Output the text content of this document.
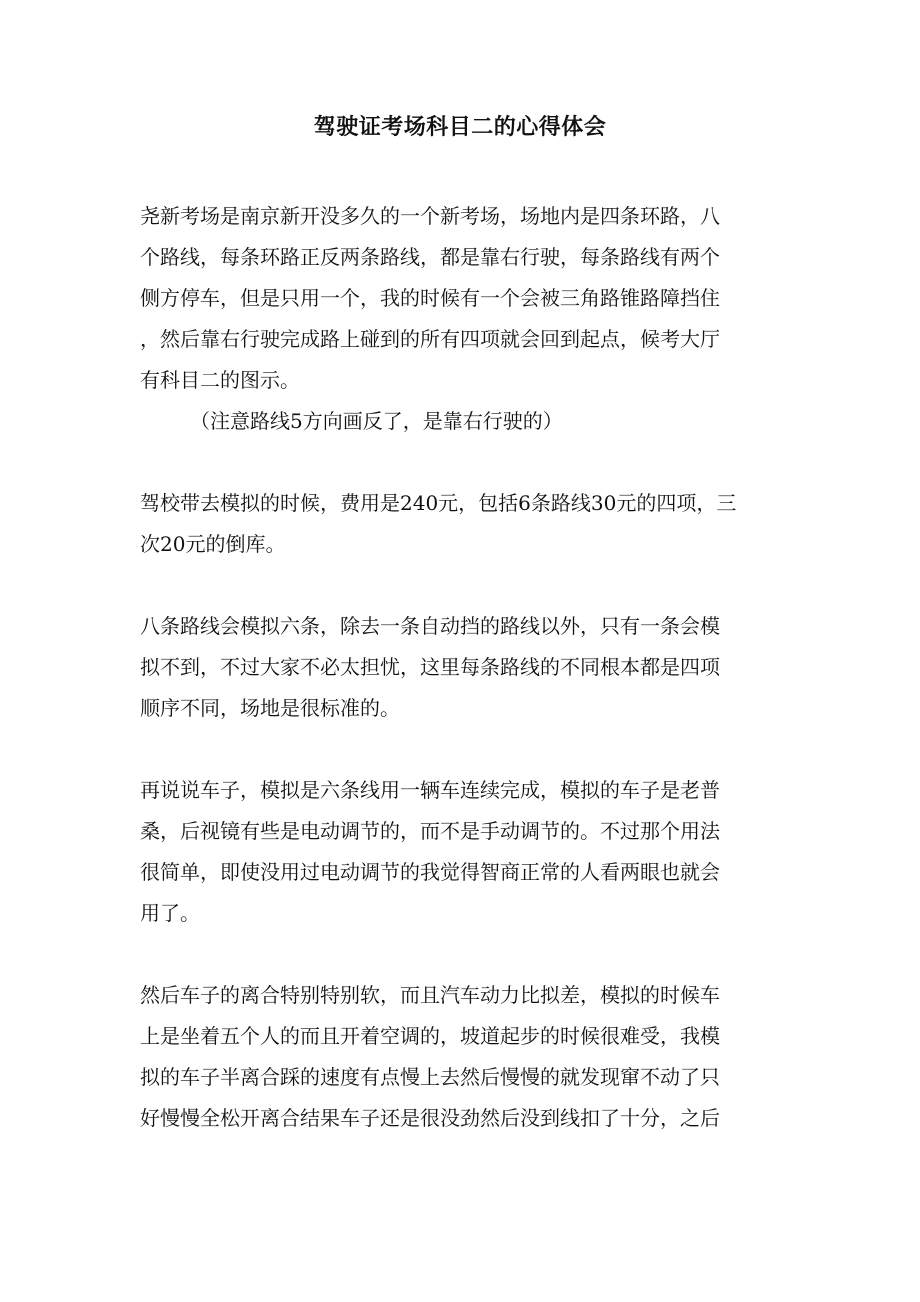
驾驶证考场科目二的心得体会
尧新考场是南京新开没多久的一个新考场，场地内是四条环路，八
个路线，每条环路正反两条路线，都是靠右行驶，每条路线有两个
侧方停车，但是只用一个，我的时候有一个会被三角路锥路障挡住
，然后靠右行驶完成路上碰到的所有四项就会回到起点，候考大厅
有科目二的图示。
（注意路线5方向画反了，是靠右行驶的）
驾校带去模拟的时候，费用是240元，包括6条路线30元的四项，三
次20元的倒库。
八条路线会模拟六条，除去一条自动挡的路线以外，只有一条会模
拟不到，不过大家不必太担忧，这里每条路线的不同根本都是四项
顺序不同，场地是很标准的。
再说说车子，模拟是六条线用一辆车连续完成，模拟的车子是老普
桑，后视镜有些是电动调节的，而不是手动调节的。不过那个用法
很简单，即使没用过电动调节的我觉得智商正常的人看两眼也就会
用了。
然后车子的离合特别特别软，而且汽车动力比拟差，模拟的时候车
上是坐着五个人的而且开着空调的，坡道起步的时候很难受，我模
拟的车子半离合踩的速度有点慢上去然后慢慢的就发现窜不动了只
好慢慢全松开离合结果车子还是很没劲然后没到线扣了十分，之后
